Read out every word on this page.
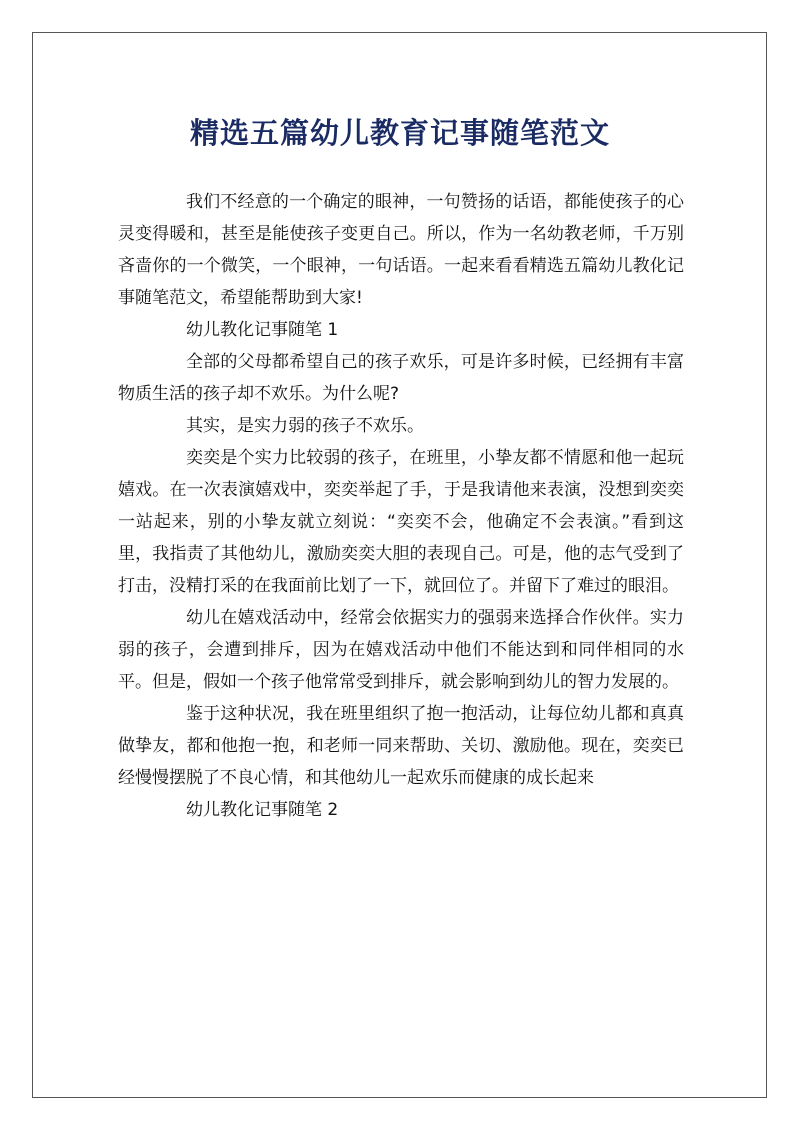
精选五篇幼儿教育记事随笔范文

我们不经意的一个确定的眼神，一句赞扬的话语，都能使孩子的心灵变得暖和，甚至是能使孩子变更自己。所以，作为一名幼教老师，千万别吝啬你的一个微笑，一个眼神，一句话语。一起来看看精选五篇幼儿教化记事随笔范文，希望能帮助到大家!

幼儿教化记事随笔 1

全部的父母都希望自己的孩子欢乐，可是许多时候，已经拥有丰富物质生活的孩子却不欢乐。为什么呢?

其实，是实力弱的孩子不欢乐。

奕奕是个实力比较弱的孩子，在班里，小挚友都不情愿和他一起玩嬉戏。在一次表演嬉戏中，奕奕举起了手，于是我请他来表演，没想到奕奕一站起来，别的小挚友就立刻说：“奕奕不会，他确定不会表演。”看到这里，我指责了其他幼儿，激励奕奕大胆的表现自己。可是，他的志气受到了打击，没精打采的在我面前比划了一下，就回位了。并留下了难过的眼泪。

幼儿在嬉戏活动中，经常会依据实力的强弱来选择合作伙伴。实力弱的孩子，会遭到排斥，因为在嬉戏活动中他们不能达到和同伴相同的水平。但是，假如一个孩子他常常受到排斥，就会影响到幼儿的智力发展的。

鉴于这种状况，我在班里组织了抱一抱活动，让每位幼儿都和真真做挚友，都和他抱一抱，和老师一同来帮助、关切、激励他。现在，奕奕已经慢慢摆脱了不良心情，和其他幼儿一起欢乐而健康的成长起来

幼儿教化记事随笔 2
